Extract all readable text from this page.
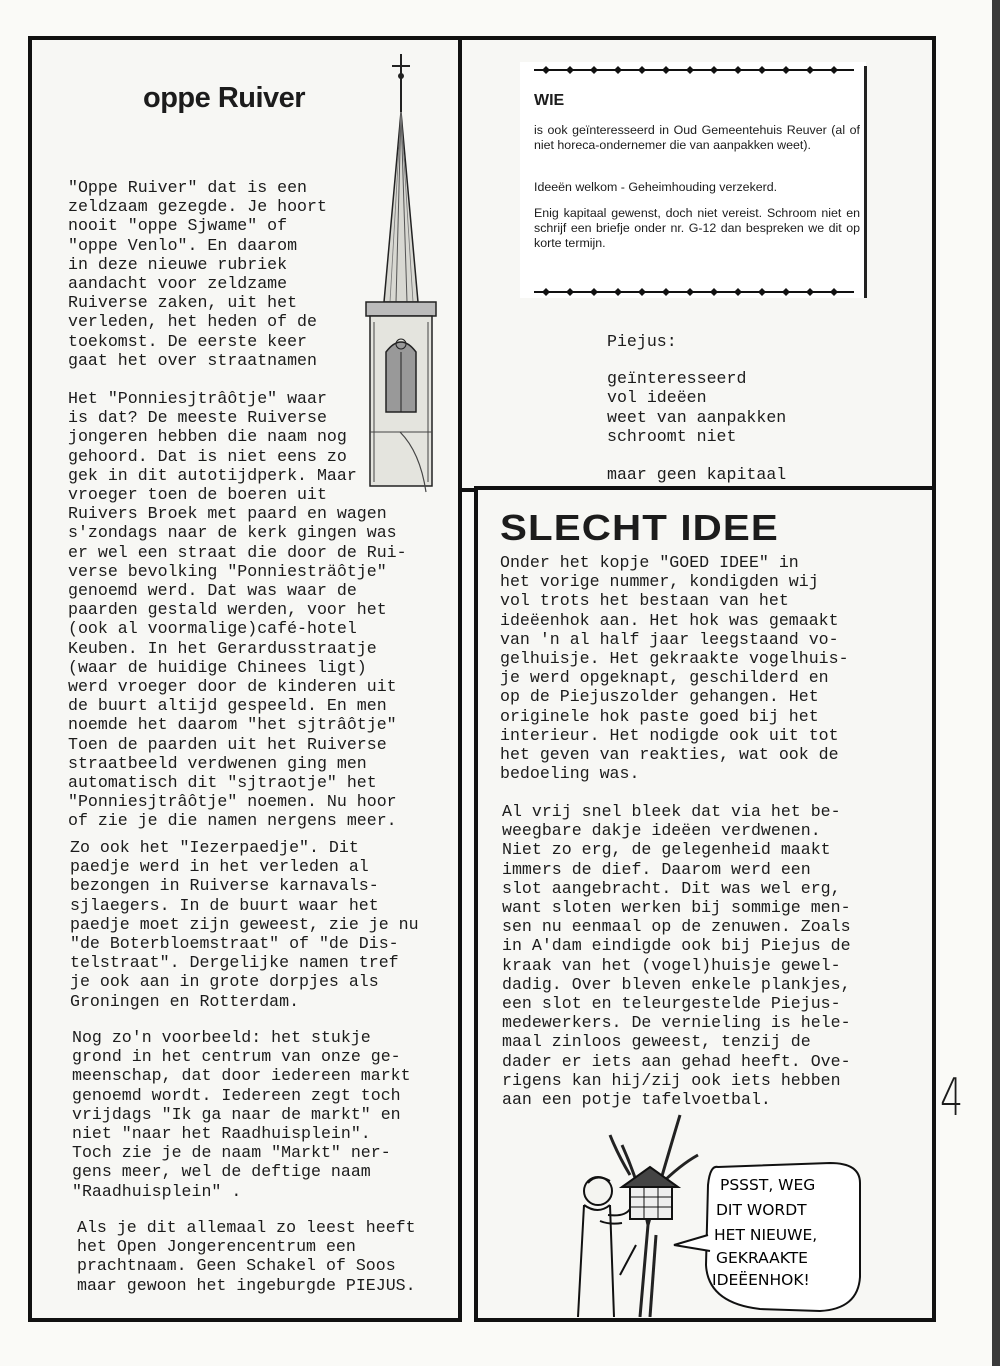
oppe Ruiver
"Oppe Ruiver" dat is een
zeldzaam gezegde. Je hoort
nooit "oppe Sjwame" of
"oppe Venlo". En daarom
in deze nieuwe rubriek
aandacht voor zeldzame
Ruiverse zaken, uit het
verleden, het heden of de
toekomst. De eerste keer
gaat het over straatnamen
Het "Ponniesjtrâôtje" waar
is dat? De meeste Ruiverse
jongeren hebben die naam nog
gehoord. Dat is niet eens zo
gek in dit autotijdperk. Maar
vroeger toen de boeren uit
Ruivers Broek met paard en wagen
s'zondags naar de kerk gingen was
er wel een straat die door de Rui-
verse bevolking "Ponniesträôtje"
genoemd werd. Dat was waar de
paarden gestald werden, voor het
(ook al voormalige)café-hotel
Keuben. In het Gerardusstraatje
(waar de huidige Chinees ligt)
werd vroeger door de kinderen uit
de buurt altijd gespeeld. En men
noemde het daarom "het sjtrâôtje"
Toen de paarden uit het Ruiverse
straatbeeld verdwenen ging men
automatisch dit "sjtraotje" het
"Ponniesjtrâôtje" noemen. Nu hoor
of zie je die namen nergens meer.
Zo ook het "Iezerpaedje". Dit
paedje werd in het verleden al
bezongen in Ruiverse karnavals-
sjlaegers. In de buurt waar het
paedje moet zijn geweest, zie je nu
"de Boterbloemstraat" of "de Dis-
telstraat". Dergelijke namen tref
je ook aan in grote dorpjes als
Groningen en Rotterdam.
Nog zo'n voorbeeld: het stukje
grond in het centrum van onze ge-
meenschap, dat door iedereen markt
genoemd wordt. Iedereen zegt toch
vrijdags "Ik ga naar de markt" en
niet "naar het Raadhuisplein".
Toch zie je de naam "Markt" ner-
gens meer, wel de deftige naam
"Raadhuisplein" .
Als je dit allemaal zo leest heeft
het Open Jongerencentrum een
prachtnaam. Geen Schakel of Soos
maar gewoon het ingeburgde PIEJUS.
WIE
is ook geïnteresseerd in Oud Gemeentehuis Reuver (al of niet horeca-ondernemer die van aanpakken weet).
Ideeën welkom - Geheimhouding verzekerd.
Enig kapitaal gewenst, doch niet vereist. Schroom niet en schrijf een briefje onder nr. G-12 dan bespreken we dit op korte termijn.
Piejus:
geïnteresseerd
vol ideëen
weet van aanpakken
schroomt niet
maar geen kapitaal
SLECHT IDEE
Onder het kopje "GOED IDEE" in
het vorige nummer, kondigden wij
vol trots het bestaan van het
ideëenhok aan. Het hok was gemaakt
van 'n al half jaar leegstaand vo-
gelhuisje. Het gekraakte vogelhuis-
je werd opgeknapt, geschilderd en
op de Piejuszolder gehangen. Het
originele hok paste goed bij het
interieur. Het nodigde ook uit tot
het geven van reakties, wat ook de
bedoeling was.
Al vrij snel bleek dat via het be-
weegbare dakje ideëen verdwenen.
Niet zo erg, de gelegenheid maakt
immers de dief. Daarom werd een
slot aangebracht. Dit was wel erg,
want sloten werken bij sommige men-
sen nu eenmaal op de zenuwen. Zoals
in A'dam eindigde ook bij Piejus de
kraak van het (vogel)huisje gewel-
dadig. Over bleven enkele plankjes,
een slot en teleurgestelde Piejus-
medewerkers. De vernieling is hele-
maal zinloos geweest, tenzij de
dader er iets aan gehad heeft. Ove-
rigens kan hij/zij ook iets hebben
aan een potje tafelvoetbal.
PSSST, WEG
DIT WORDT
HET NIEUWE,
GEKRAAKTE
IDEËENHOK!
4
